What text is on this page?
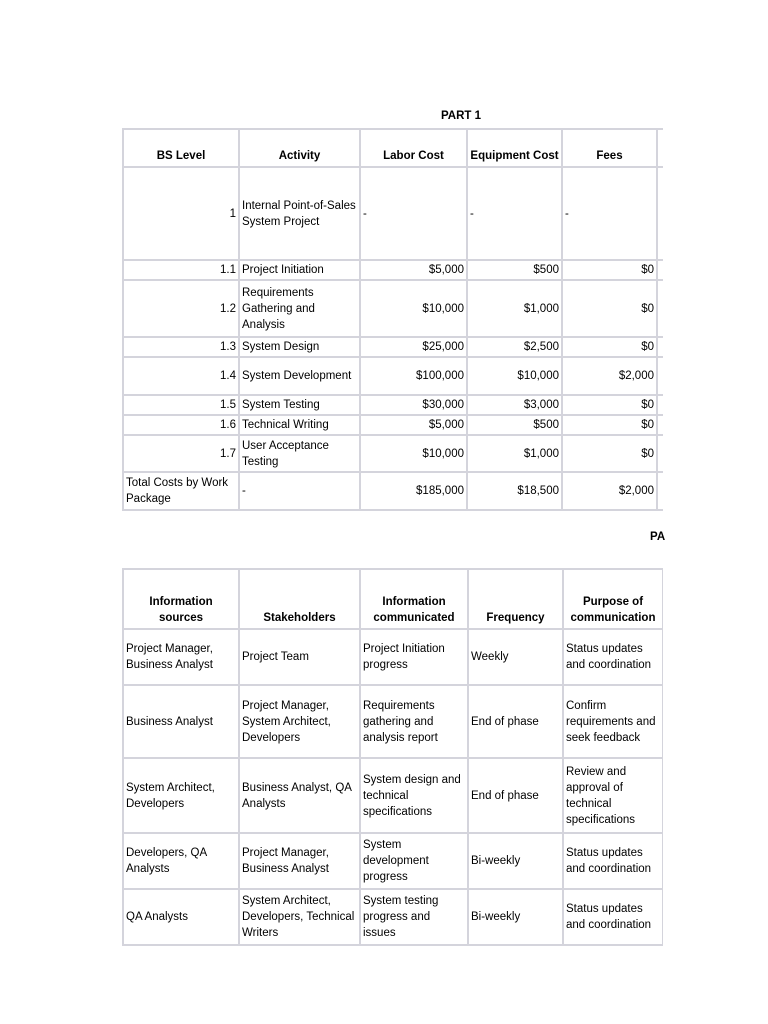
PART 1
BS Level	Activity	Labor Cost	Equipment Cost	Fees	
1	Internal Point-of-Sales System Project	-	-	-	
1.1	Project Initiation	$5,000	$500	$0	
1.2	Requirements Gathering and Analysis	$10,000	$1,000	$0	
1.3	System Design	$25,000	$2,500	$0	
1.4	System Development	$100,000	$10,000	$2,000	
1.5	System Testing	$30,000	$3,000	$0	
1.6	Technical Writing	$5,000	$500	$0	
1.7	User Acceptance Testing	$10,000	$1,000	$0	
Total Costs by Work Package	-	$185,000	$18,500	$2,000	
PA
Information sources	Stakeholders	Information communicated	Frequency	Purpose of communication	
Project Manager, Business Analyst	Project Team	Project Initiation progress	Weekly	Status updates and coordination	
Business Analyst	Project Manager, System Architect, Developers	Requirements gathering and analysis report	End of phase	Confirm requirements and seek feedback	
System Architect, Developers	Business Analyst, QA Analysts	System design and technical specifications	End of phase	Review and approval of technical specifications	
Developers, QA Analysts	Project Manager, Business Analyst	System development progress	Bi-weekly	Status updates and coordination	
QA Analysts	System Architect, Developers, Technical Writers	System testing progress and issues	Bi-weekly	Status updates and coordination	
